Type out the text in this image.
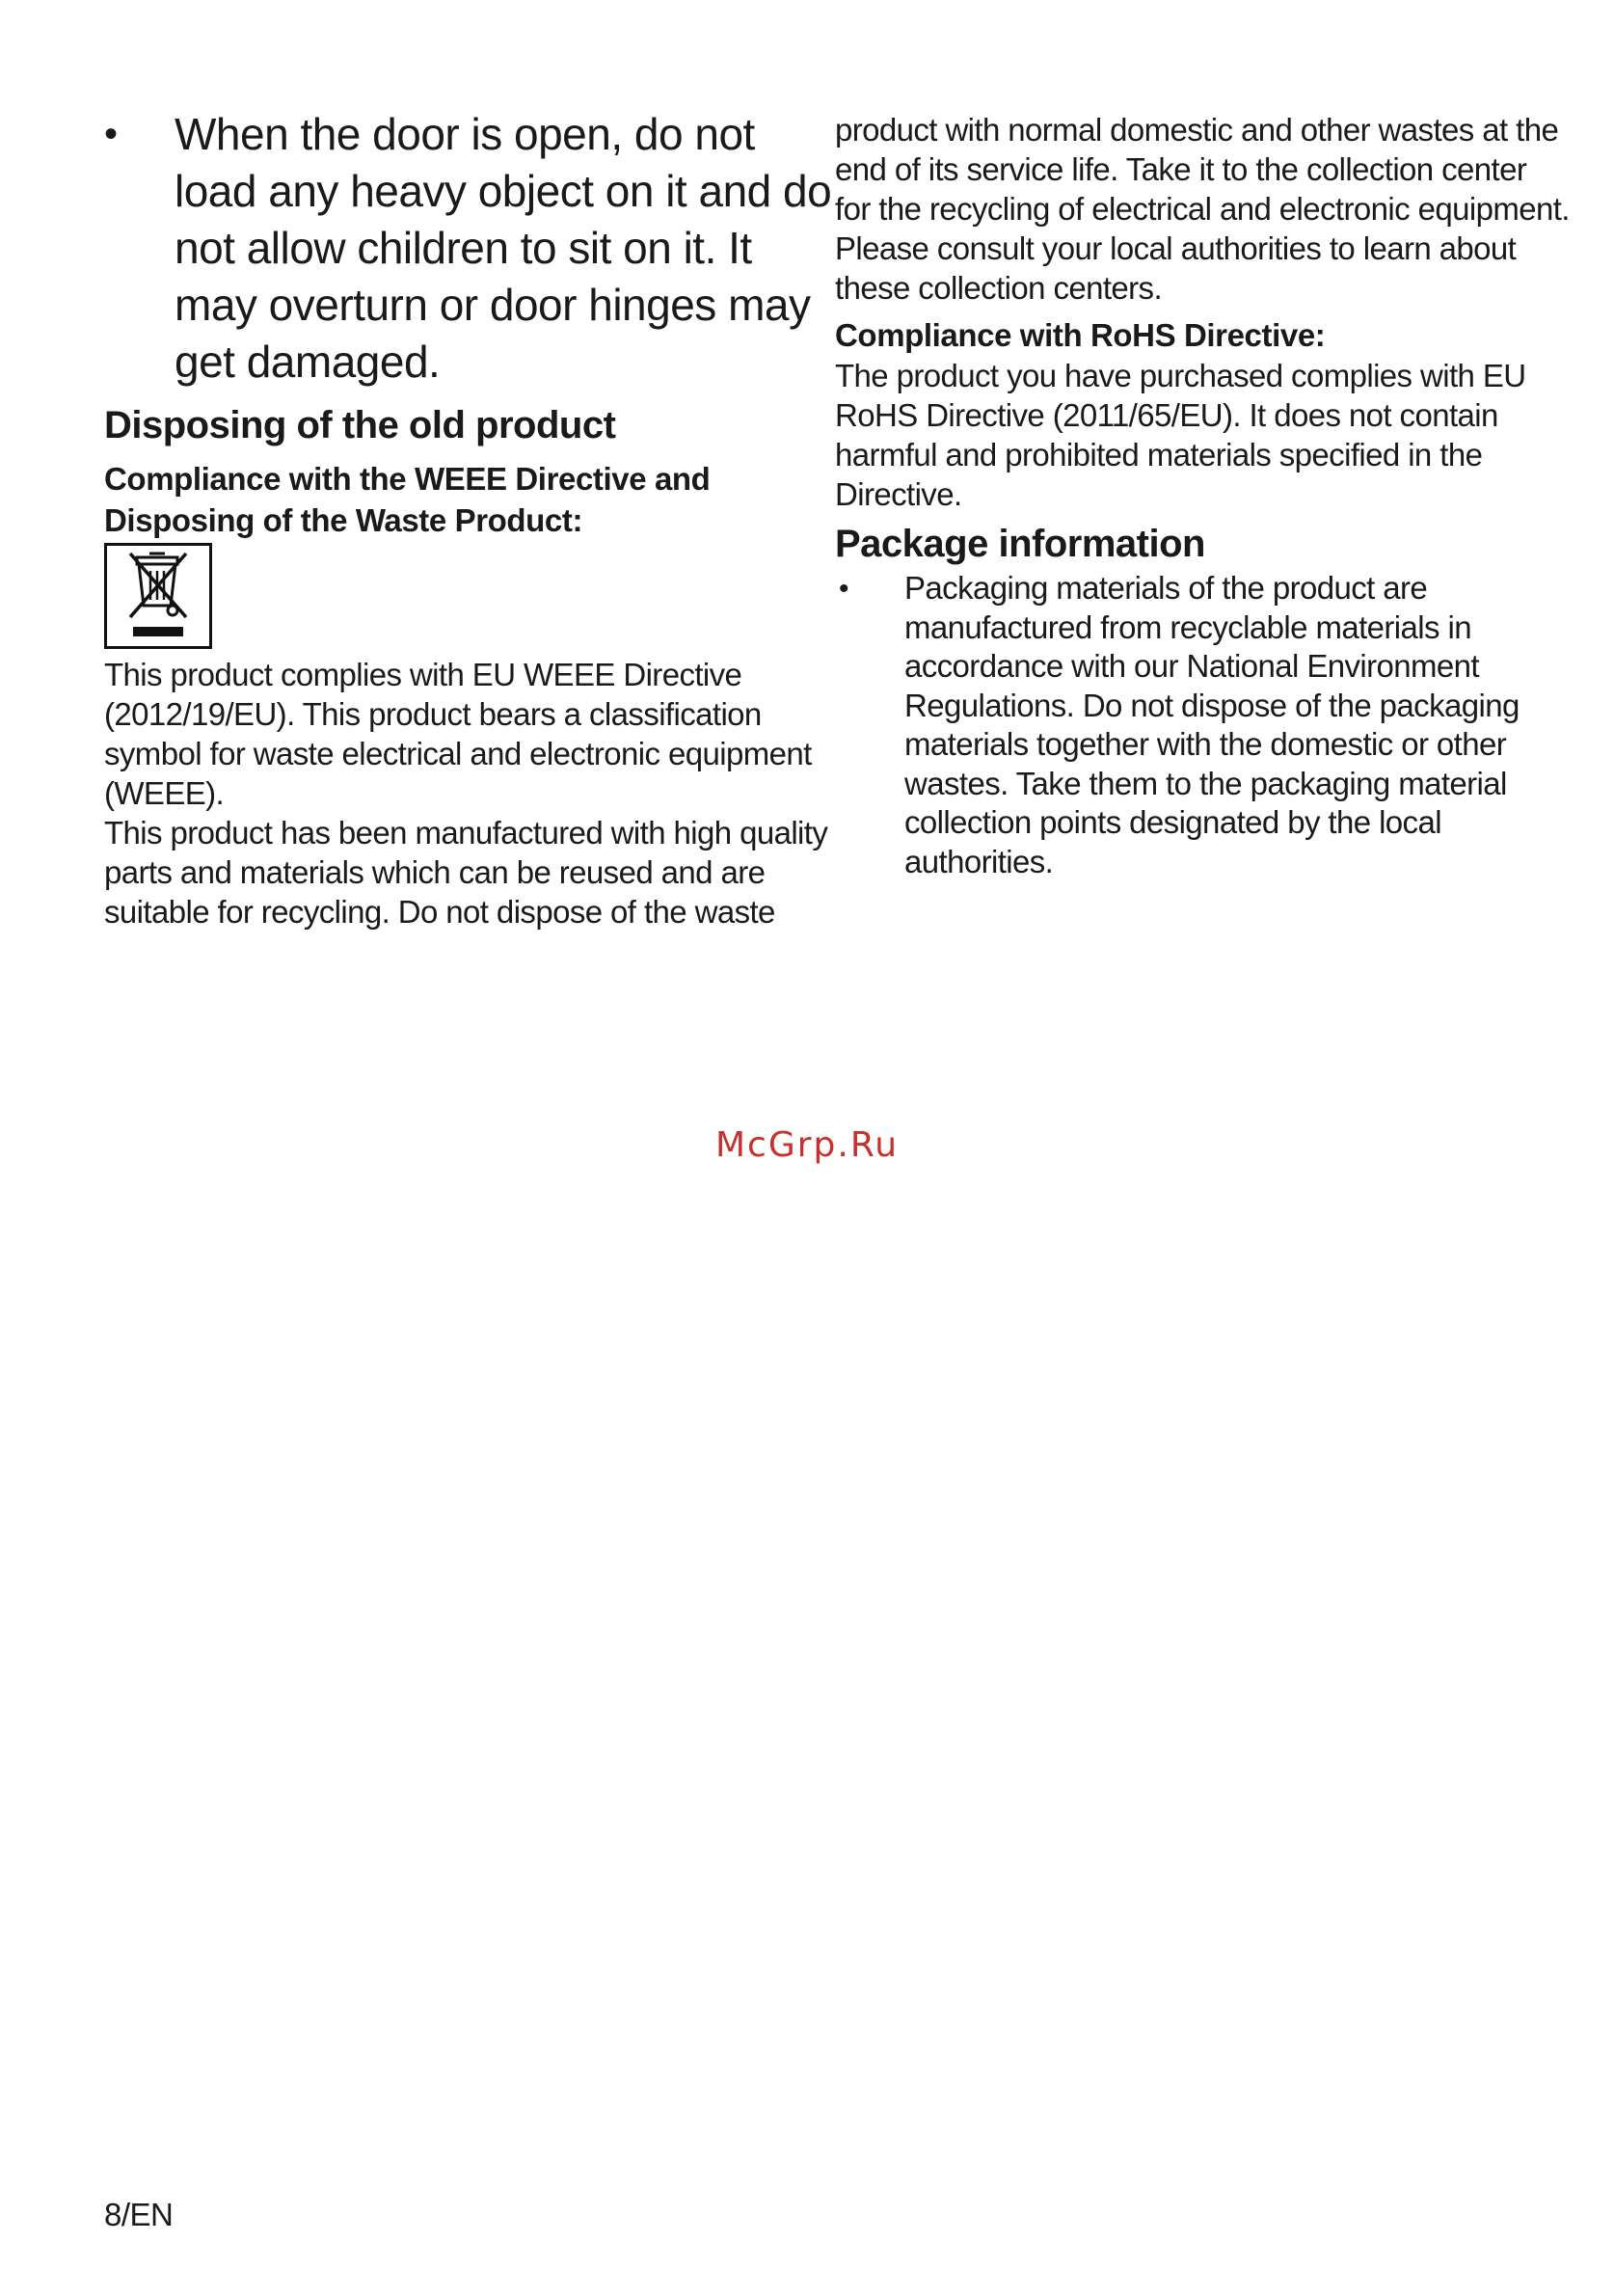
• When the door is open, do not
load any heavy object on it and do
not allow children to sit on it. It
may overturn or door hinges may
get damaged.
Disposing of the old product
Compliance with the WEEE Directive and
Disposing of the Waste Product:

This product complies with EU WEEE Directive
(2012/19/EU). This product bears a classification
symbol for waste electrical and electronic equipment
(WEEE).
This product has been manufactured with high quality
parts and materials which can be reused and are
suitable for recycling. Do not dispose of the waste

product with normal domestic and other wastes at the
end of its service life. Take it to the collection center
for the recycling of electrical and electronic equipment.
Please consult your local authorities to learn about
these collection centers.

Compliance with RoHS Directive:

The product you have purchased complies with EU
RoHS Directive (2011/65/EU). It does not contain
harmful and prohibited materials specified in the
Directive.

Package information
• Packaging materials of the product are
manufactured from recyclable materials in
accordance with our National Environment
Regulations. Do not dispose of the packaging
materials together with the domestic or other
wastes. Take them to the packaging material
collection points designated by the local
authorities.
McGrp.Ru
8/EN
